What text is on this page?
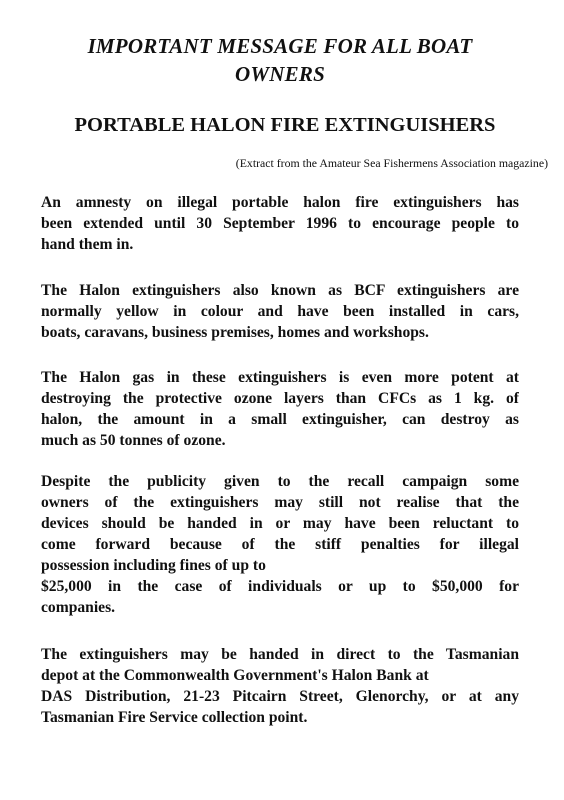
IMPORTANT MESSAGE FOR ALL BOAT
OWNERS
PORTABLE HALON FIRE EXTINGUISHERS
(Extract from the Amateur Sea Fishermens Association magazine)
An amnesty on illegal portable halon fire extinguishers has
been extended until 30 September 1996 to encourage people to
hand them in.
The Halon extinguishers also known as BCF extinguishers are
normally yellow in colour and have been installed in cars,
boats, caravans, business premises, homes and workshops.
The Halon gas in these extinguishers is even more potent at
destroying the protective ozone layers than CFCs as 1 kg. of
halon, the amount in a small extinguisher, can destroy as
much as 50 tonnes of ozone.
Despite the publicity given to the recall campaign some
owners of the extinguishers may still not realise that the
devices should be handed in or may have been reluctant to
come forward because of the stiff penalties for illegal
possession including fines of up to
$25,000 in the case of individuals or up to $50,000 for
companies.
The extinguishers may be handed in direct to the Tasmanian
depot at the Commonwealth Government's Halon Bank at
DAS Distribution, 21-23 Pitcairn Street, Glenorchy, or at any
Tasmanian Fire Service collection point.
